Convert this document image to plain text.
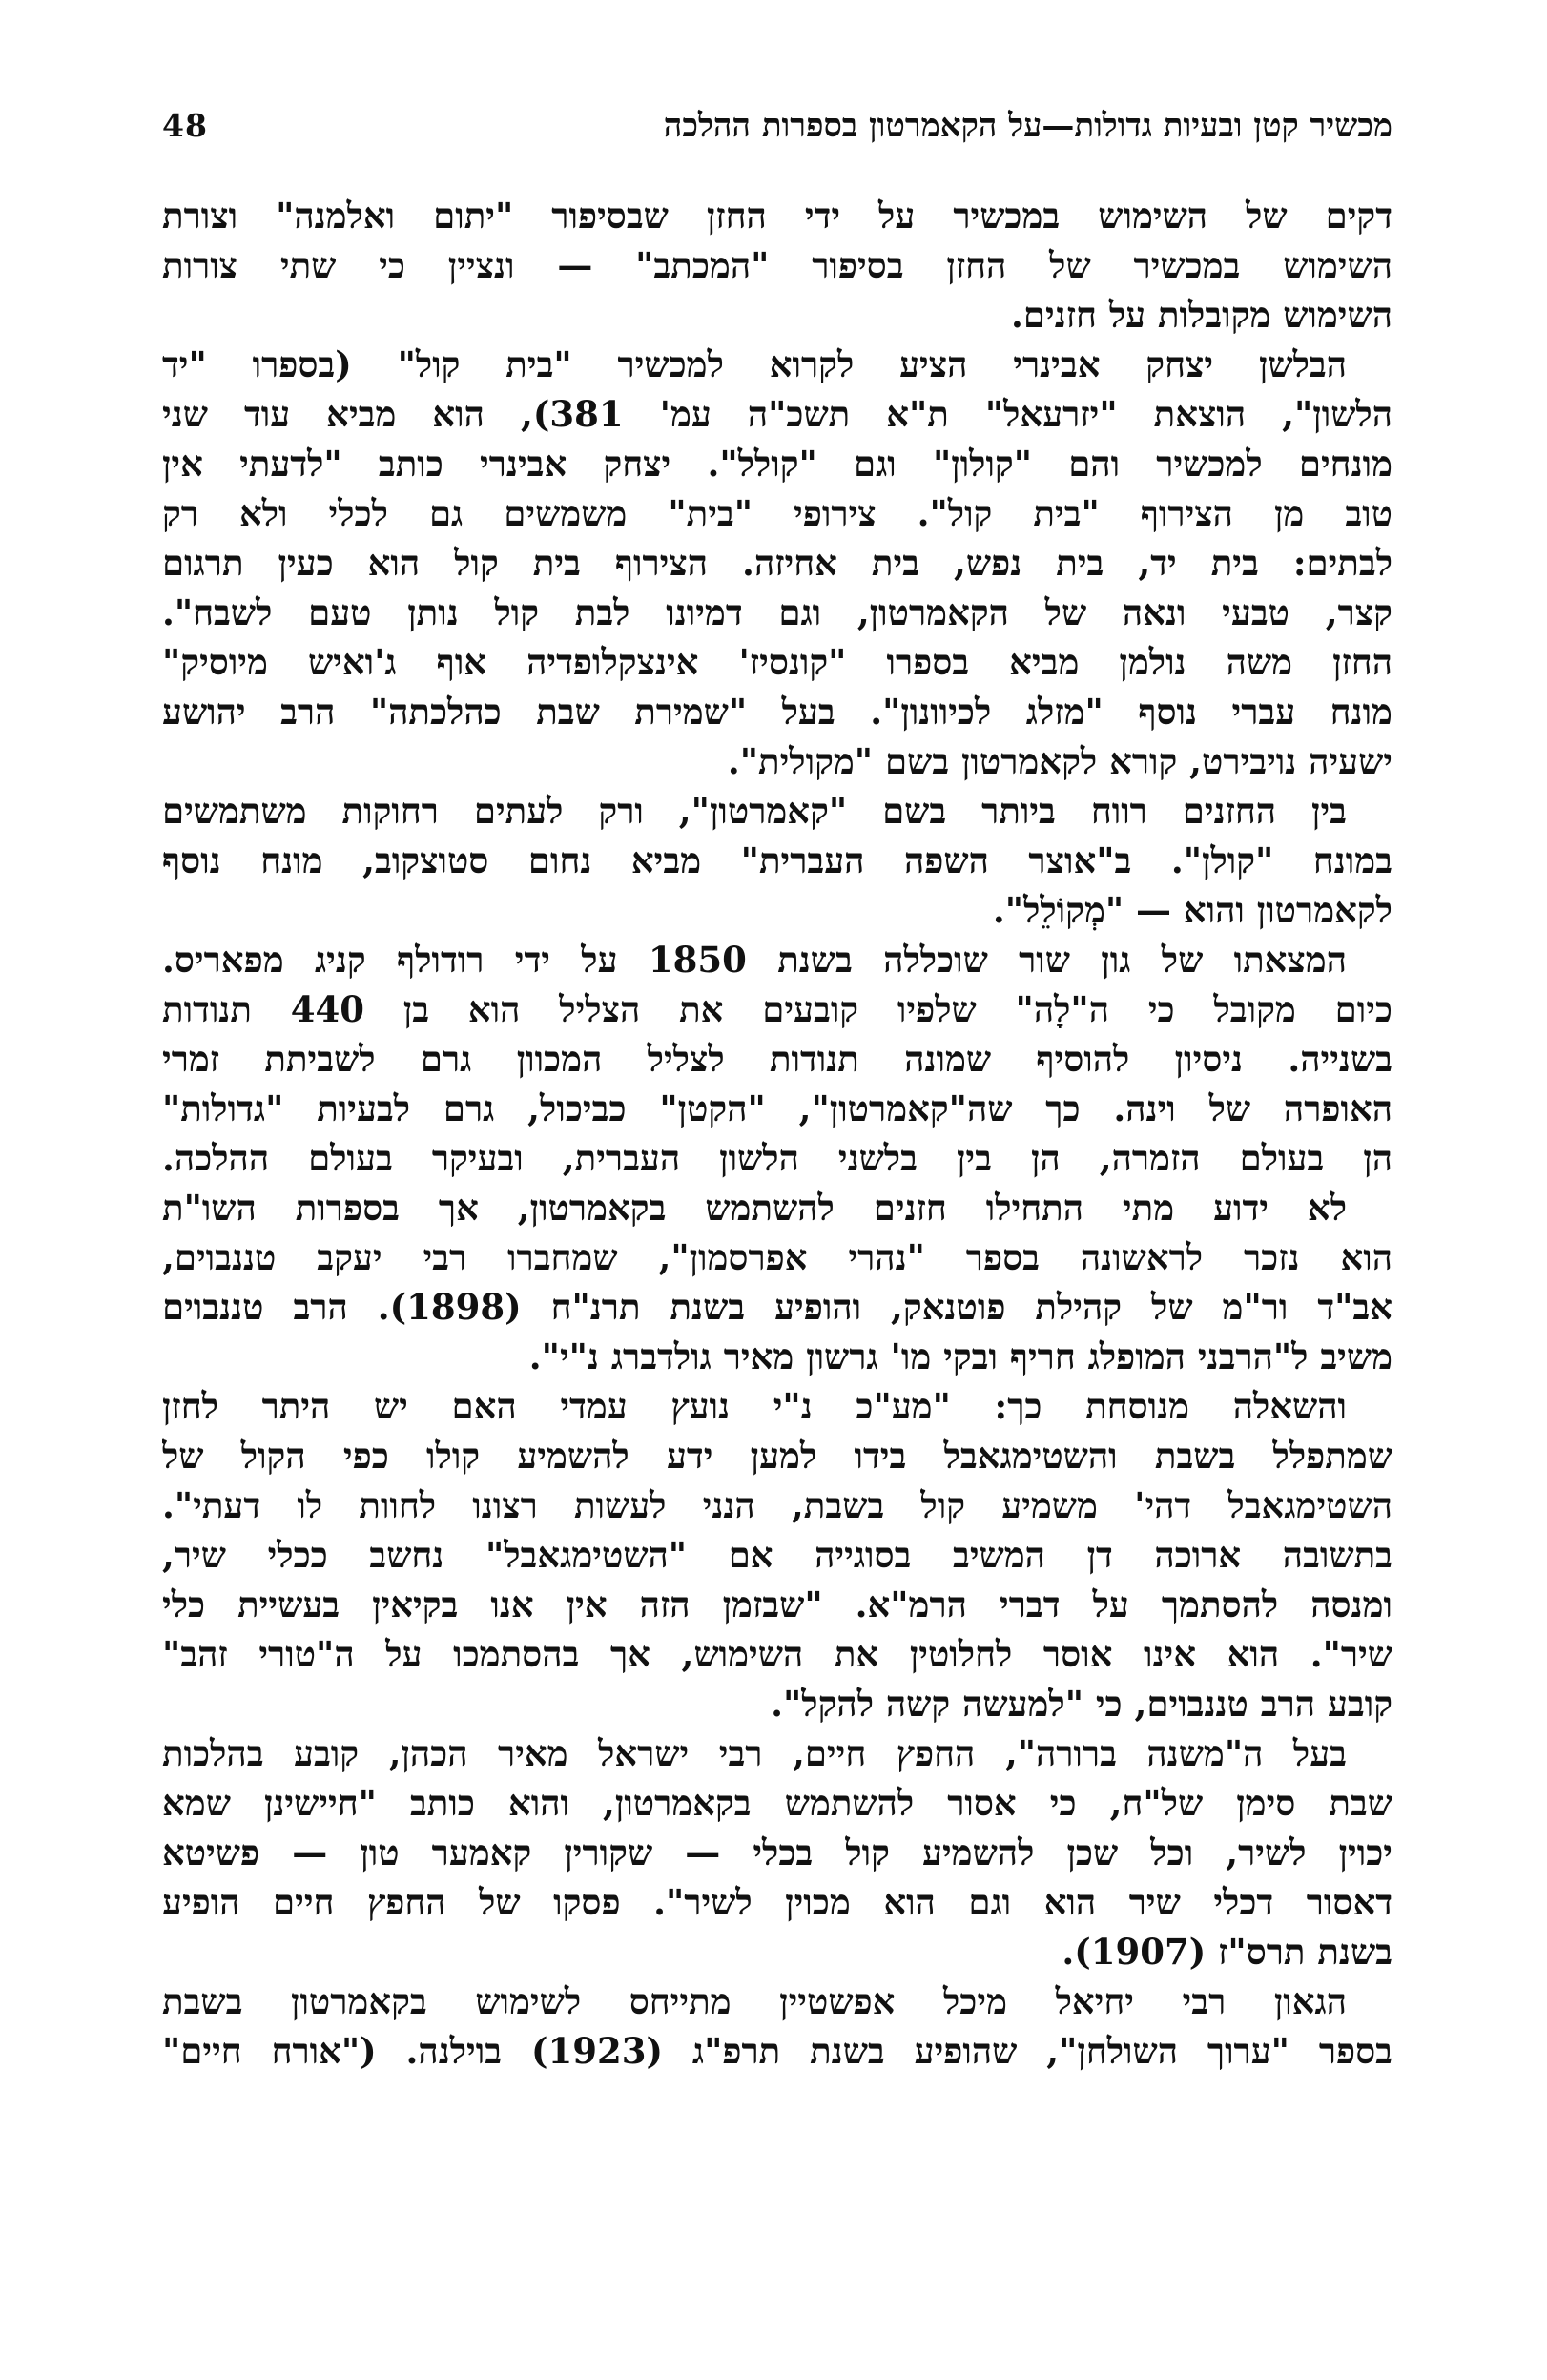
48	מכשיר קטן ובעיות גדולות—על הקאמרטון בספרות ההלכה
דקים של השימוש במכשיר על ידי החזן שבסיפור "יתום ואלמנה" וצורת
השימוש במכשיר של החזן בסיפור "המכתב" — ונציין כי שתי צורות
השימוש מקובלות על חזנים.
הבלשן יצחק אבינרי הציע לקרוא למכשיר "בית קול" (בספרו "יד
הלשון", הוצאת "יזרעאל" ת"א תשכ"ה עמ' 381), הוא מביא עוד שני
מונחים למכשיר והם "קולון" וגם "קולל". יצחק אבינרי כותב "לדעתי אין
טוב מן הצירוף "בית קול". צירופי "בית" משמשים גם לכלי ולא רק
לבתים: בית יד, בית נפש, בית אחיזה. הצירוף בית קול הוא כעין תרגום
קצר, טבעי ונאה של הקאמרטון, וגם דמיונו לבת קול נותן טעם לשבח".
החזן משה נולמן מביא בספרו "קונסיז' אינצקלופדיה אוף ג'ואיש מיוסיק"
מונח עברי נוסף "מזלג לכיוונון". בעל "שמירת שבת כהלכתה" הרב יהושע
ישעיה נויבירט, קורא לקאמרטון בשם "מקולית".
בין החזנים רווח ביותר בשם "קאמרטון", ורק לעתים רחוקות משתמשים
במונח "קולן". ב"אוצר השפה העברית" מביא נחום סטוצקוב, מונח נוסף
לקאמרטון והוא — "מְקוֹלֵל".
המצאתו של גון שור שוכללה בשנת 1850 על ידי רודולף קניג מפאריס.
כיום מקובל כי ה"לָה" שלפיו קובעים את הצליל הוא בן 440 תנודות
בשנייה. ניסיון להוסיף שמונה תנודות לצליל המכוון גרם לשביתת זמרי
האופרה של וינה. כך שה"קאמרטון", "הקטן" כביכול, גרם לבעיות "גדולות"
הן בעולם הזמרה, הן בין בלשני הלשון העברית, ובעיקר בעולם ההלכה.
לא ידוע מתי התחילו חזנים להשתמש בקאמרטון, אך בספרות השו"ת
הוא נזכר לראשונה בספר "נהרי אפרסמון", שמחברו רבי יעקב טננבוים,
אב"ד ור"מ של קהילת פוטנאק, והופיע בשנת תרנ"ח (1898). הרב טננבוים
משיב ל"הרבני המופלג חריף ובקי מו' גרשון מאיר גולדברג נ"י".
והשאלה מנוסחת כך: "מע"כ נ"י נועץ עמדי האם יש היתר לחזן
שמתפלל בשבת והשטימגאבל בידו למען ידע להשמיע קולו כפי הקול של
השטימגאבל דהי' משמיע קול בשבת, הנני לעשות רצונו לחוות לו דעתי".
בתשובה ארוכה דן המשיב בסוגייה אם "השטימגאבל" נחשב ככלי שיר,
ומנסה להסתמך על דברי הרמ"א. "שבזמן הזה אין אנו בקיאין בעשיית כלי
שיר". הוא אינו אוסר לחלוטין את השימוש, אך בהסתמכו על ה"טורי זהב"
קובע הרב טננבוים, כי "למעשה קשה להקל".
בעל ה"משנה ברורה", החפץ חיים, רבי ישראל מאיר הכהן, קובע בהלכות
שבת סימן של"ח, כי אסור להשתמש בקאמרטון, והוא כותב "חיישינן שמא
יכוין לשיר, וכל שכן להשמיע קול בכלי — שקורין קאמער טון — פשיטא
דאסור דכלי שיר הוא וגם הוא מכוין לשיר". פסקו של החפץ חיים הופיע
בשנת תרס"ז (1907).
הגאון רבי יחיאל מיכל אפשטיין מתייחס לשימוש בקאמרטון בשבת
בספר "ערוך השולחן", שהופיע בשנת תרפ"ג (1923) בוילנה. ("אורח חיים"
